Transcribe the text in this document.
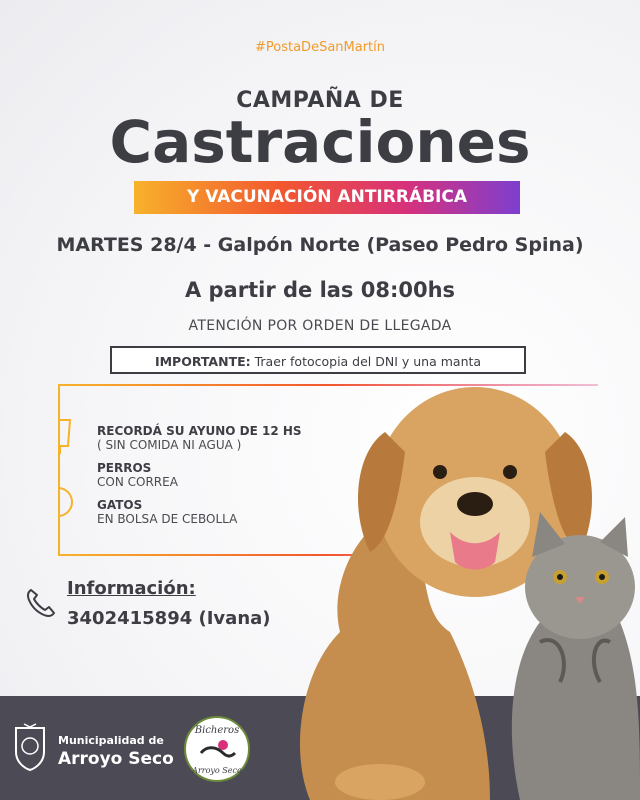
#PostaDeSanMartín
CAMPAÑA DE
Castraciones
Y VACUNACIÓN ANTIRRÁBICA
MARTES 28/4 - Galpón Norte (Paseo Pedro Spina)
A partir de las 08:00hs
ATENCIÓN POR ORDEN DE LLEGADA
IMPORTANTE: Traer fotocopia del DNI y una manta
RECORDÁ SU AYUNO DE 12 HS
( SIN COMIDA NI AGUA )
PERROS
CON CORREA
GATOS
EN BOLSA DE CEBOLLA
Información:
3402415894 (Ivana)
Municipalidad de
Arroyo Seco
Bicheros
Arroyo Seco
